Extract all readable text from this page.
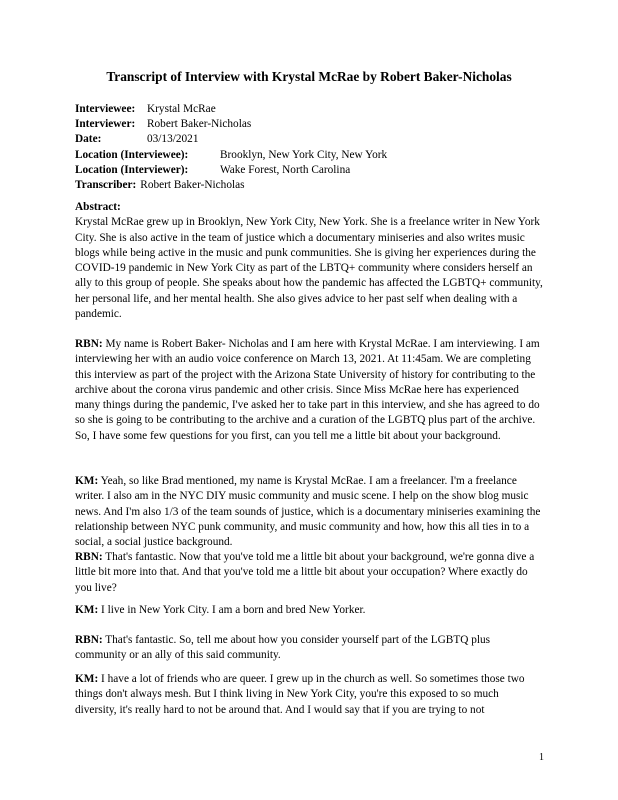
Transcript of Interview with Krystal McRae by Robert Baker-Nicholas
Interviewee:	Krystal McRae
Interviewer:	Robert Baker-Nicholas
Date:	03/13/2021
Location (Interviewee):	Brooklyn, New York City, New York
Location (Interviewer):	Wake Forest, North Carolina
Transcriber: Robert Baker-Nicholas

Abstract:

Krystal McRae grew up in Brooklyn, New York City, New York. She is a freelance writer in New York City. She is also active in the team of justice which a documentary miniseries and also writes music blogs while being active in the music and punk communities. She is giving her experiences during the COVID-19 pandemic in New York City as part of the LBTQ+ community where considers herself an ally to this group of people. She speaks about how the pandemic has affected the LGBTQ+ community, her personal life, and her mental health. She also gives advice to her past self when dealing with a pandemic.

RBN: My name is Robert Baker- Nicholas and I am here with Krystal McRae. I am interviewing. I am interviewing her with an audio voice conference on March 13, 2021. At 11:45am. We are completing this interview as part of the project with the Arizona State University of history for contributing to the archive about the corona virus pandemic and other crisis. Since Miss McRae here has experienced many things during the pandemic, I've asked her to take part in this interview, and she has agreed to do so she is going to be contributing to the archive and a curation of the LGBTQ plus part of the archive. So, I have some few questions for you first, can you tell me a little bit about your background.

KM: Yeah, so like Brad mentioned, my name is Krystal McRae. I am a freelancer. I'm a freelance writer. I also am in the NYC DIY music community and music scene. I help on the show blog music news. And I'm also 1/3 of the team sounds of justice, which is a documentary miniseries examining the relationship between NYC punk community, and music community and how, how this all ties in to a social, a social justice background.

RBN: That's fantastic. Now that you've told me a little bit about your background, we're gonna dive a little bit more into that. And that you've told me a little bit about your occupation? Where exactly do you live?

KM: I live in New York City. I am a born and bred New Yorker.

RBN: That's fantastic. So, tell me about how you consider yourself part of the LGBTQ plus community or an ally of this said community.

KM: I have a lot of friends who are queer. I grew up in the church as well. So sometimes those two things don't always mesh. But I think living in New York City, you're this exposed to so much diversity, it's really hard to not be around that. And I would say that if you are trying to not

1
